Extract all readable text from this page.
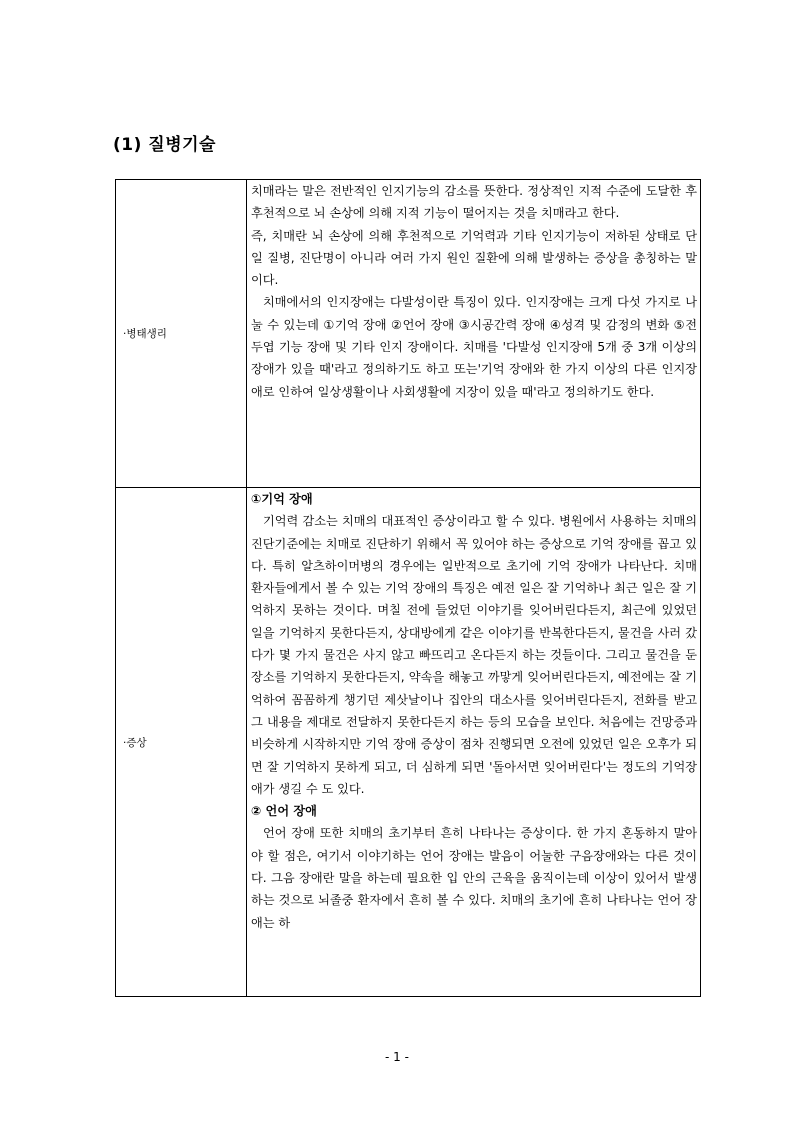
(1) 질병기술
·병태생리	치매라는 말은 전반적인 인지기능의 감소를 뜻한다. 정상적인 지적 수준에 도달한 후 후천적으로 뇌 손상에 의해 지적 기능이 떨어지는 것을 치매라고 한다.

즉, 치매란 뇌 손상에 의해 후천적으로 기억력과 기타 인지기능이 저하된 상태로 단일 질병, 진단명이 아니라 여러 가지 원인 질환에 의해 발생하는 증상을 총칭하는 말이다.

치매에서의 인지장애는 다발성이란 특징이 있다. 인지장애는 크게 다섯 가지로 나눌 수 있는데 ①기억 장애 ②언어 장애 ③시공간력 장애 ④성격 및 감정의 변화 ⑤전두엽 기능 장애 및 기타 인지 장애이다. 치매를 '다발성 인지장애 5개 중 3개 이상의 장애가 있을 때'라고 정의하기도 하고 또는'기억 장애와 한 가지 이상의 다른 인지장애로 인하여 일상생활이나 사회생활에 지장이 있을 때'라고 정의하기도 한다.

·증상	①기억 장애

기억력 감소는 치매의 대표적인 증상이라고 할 수 있다. 병원에서 사용하는 치매의 진단기준에는 치매로 진단하기 위해서 꼭 있어야 하는 증상으로 기억 장애를 꼽고 있다. 특히 알츠하이머병의 경우에는 일반적으로 초기에 기억 장애가 나타난다. 치매 환자들에게서 볼 수 있는 기억 장애의 특징은 예전 일은 잘 기억하나 최근 일은 잘 기억하지 못하는 것이다. 며칠 전에 들었던 이야기를 잊어버린다든지, 최근에 있었던 일을 기억하지 못한다든지, 상대방에게 같은 이야기를 반복한다든지, 물건을 사러 갔다가 몇 가지 물건은 사지 않고 빠뜨리고 온다든지 하는 것들이다. 그리고 물건을 둔 장소를 기억하지 못한다든지, 약속을 해놓고 까맣게 잊어버린다든지, 예전에는 잘 기억하여 꼼꼼하게 챙기던 제삿날이나 집안의 대소사를 잊어버린다든지, 전화를 받고 그 내용을 제대로 전달하지 못한다든지 하는 등의 모습을 보인다. 처음에는 건망증과 비슷하게 시작하지만 기억 장애 증상이 점차 진행되면 오전에 있었던 일은 오후가 되면 잘 기억하지 못하게 되고, 더 심하게 되면 '돌아서면 잊어버린다'는 정도의 기억장애가 생길 수 도 있다.

② 언어 장애

언어 장애 또한 치매의 초기부터 흔히 나타나는 증상이다. 한 가지 혼동하지 말아야 할 점은, 여기서 이야기하는 언어 장애는 발음이 어눌한 구음장애와는 다른 것이다. 그음 장애란 말을 하는데 필요한 입 안의 근육을 움직이는데 이상이 있어서 발생하는 것으로 뇌졸중 환자에서 흔히 볼 수 있다. 치매의 초기에 흔히 나타나는 언어 장애는 하

- 1 -
